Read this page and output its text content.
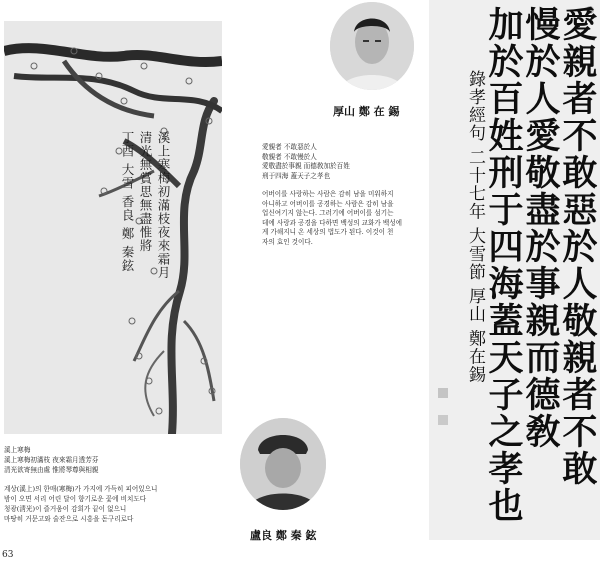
溪上寒梅初滿枝夜來霜月
清光無賞思無盡惟將
丁酉 大雪 香良 鄭 秦鉉
溪上寒梅
溪上寒梅初滿枝 夜來霜月透芳芬
清光欲寄無由處 惟將琴尊與相親
계상(溪上)의 한매(寒梅)가 가지에 가득히 피어있으니
밤이 오면 서리 어린 달이 향기로운 꽃에 비치도다
청광(淸光)이 즐거움이 감회가 끝이 없으니
마땅히 거문고와 술잔으로 시흥을 돋구리로다
厚山 鄭 在 錫
盧良 鄭 秦 鉉
愛親者 不敢惡於人
敬親者 不敢慢於人
愛敬盡於事親 而德敎加於百姓
刑于四海 蓋天子之孝也
어버이를 사랑하는 사람은 감히 남을 미워하지
아니하고 어버이를 공경하는 사람은 감히 남을
업신여기지 않는다. 그러기에 어버이를 섬기는
데에 사랑과 공경을 다하면 백성의 교화가 백성에
게 가해지니 온 세상의 법도가 된다. 이것이 천
자의 효인 것이다.	愛親者不敢惡於人敬親者不敢
慢於人愛敬盡於事親而德敎
加於百姓刑于四海蓋天子之孝也
錄孝經句 二十七年 大雪節 厚山 鄭在錫
63
